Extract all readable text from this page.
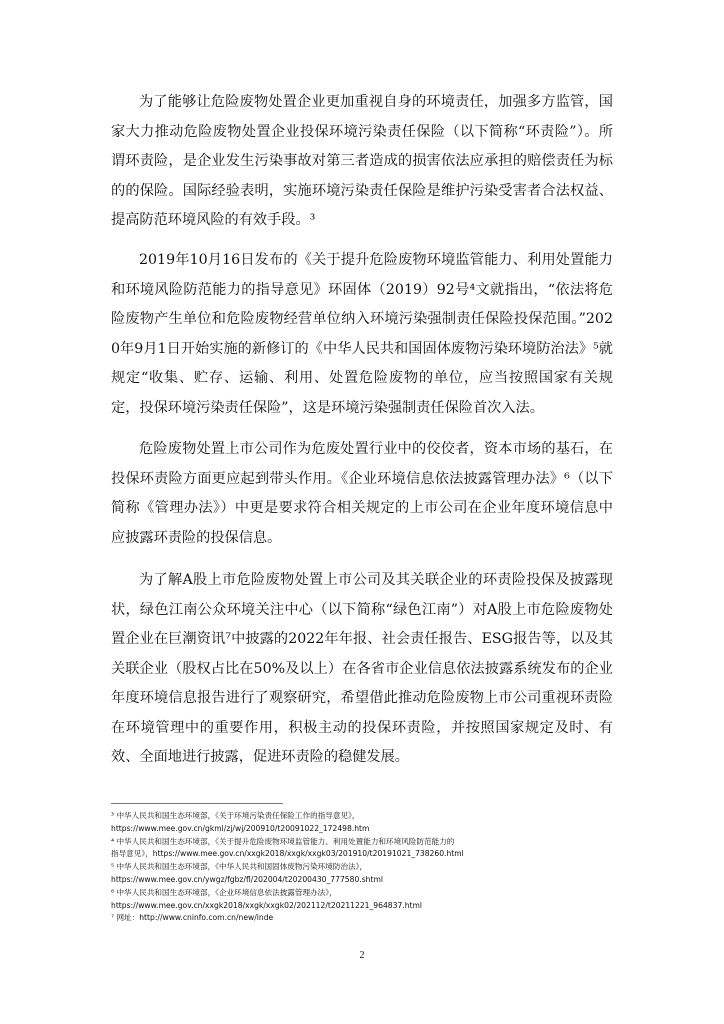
为了能够让危险废物处置企业更加重视自身的环境责任，加强多方监管，国家大力推动危险废物处置企业投保环境污染责任保险（以下简称“环责险”）。所谓环责险，是企业发生污染事故对第三者造成的损害依法应承担的赔偿责任为标的的保险。国际经验表明，实施环境污染责任保险是维护污染受害者合法权益、提高防范环境风险的有效手段。³

2019年10月16日发布的《关于提升危险废物环境监管能力、利用处置能力和环境风险防范能力的指导意见》环固体（2019）92号⁴文就指出，“依法将危险废物产生单位和危险废物经营单位纳入环境污染强制责任保险投保范围。”2020年9月1日开始实施的新修订的《中华人民共和国固体废物污染环境防治法》⁵就规定“收集、贮存、运输、利用、处置危险废物的单位，应当按照国家有关规定，投保环境污染责任保险”，这是环境污染强制责任保险首次入法。

危险废物处置上市公司作为危废处置行业中的佼佼者，资本市场的基石，在投保环责险方面更应起到带头作用。《企业环境信息依法披露管理办法》⁶（以下简称《管理办法》）中更是要求符合相关规定的上市公司在企业年度环境信息中应披露环责险的投保信息。

为了解A股上市危险废物处置上市公司及其关联企业的环责险投保及披露现状，绿色江南公众环境关注中心（以下简称“绿色江南”）对A股上市危险废物处置企业在巨潮资讯⁷中披露的2022年年报、社会责任报告、ESG报告等，以及其关联企业（股权占比在50%及以上）在各省市企业信息依法披露系统发布的企业年度环境信息报告进行了观察研究，希望借此推动危险废物上市公司重视环责险在环境管理中的重要作用，积极主动的投保环责险，并按照国家规定及时、有效、全面地进行披露，促进环责险的稳健发展。

³ 中华人民共和国生态环境部，《关于环境污染责任保险工作的指导意见》，

https://www.mee.gov.cn/gkml/zj/wj/200910/t20091022_172498.htm

⁴ 中华人民共和国生态环境部，《关于提升危险废物环境监管能力、利用处置能力和环境风险防范能力的

指导意见》，https://www.mee.gov.cn/xxgk2018/xxgk/xxgk03/201910/t20191021_738260.html

⁵ 中华人民共和国生态环境部，《中华人民共和国固体废物污染环境防治法》，

https://www.mee.gov.cn/ywgz/fgbz/fl/202004/t20200430_777580.shtml

⁶ 中华人民共和国生态环境部，《企业环境信息依法披露管理办法》，

https://www.mee.gov.cn/xxgk2018/xxgk/xxgk02/202112/t20211221_964837.html

⁷ 网址：http://www.cninfo.com.cn/new/inde

2
